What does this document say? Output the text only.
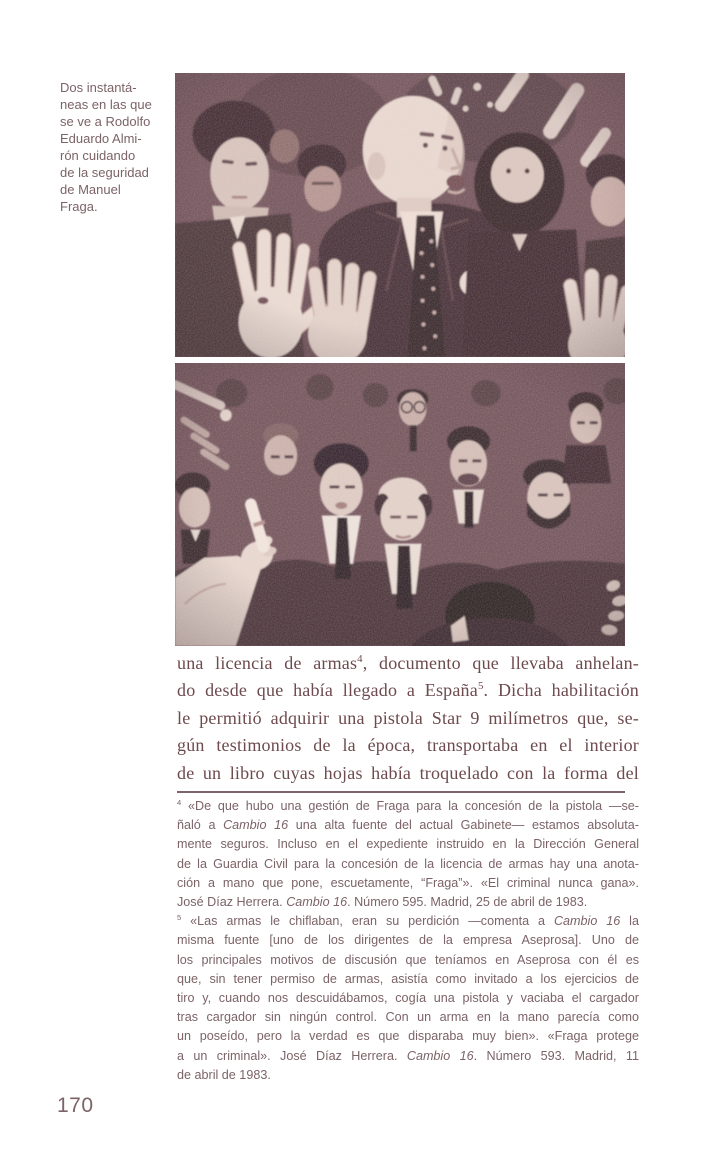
Dos instantá-
neas en las que
se ve a Rodolfo
Eduardo Almi-
rón cuidando
de la seguridad
de Manuel
Fraga.
una licencia de armas$^4$, documento que llevaba anhelan-
do desde que había llegado a España$^5$. Dicha habilitación
le permitió adquirir una pistola Star 9 milímetros que, se-
gún testimonios de la época, transportaba en el interior
de un libro cuyas hojas había troquelado con la forma del
$^4$ «De que hubo una gestión de Fraga para la concesión de la pistola —se-
ñaló a Cambio 16 una alta fuente del actual Gabinete— estamos absoluta-
mente seguros. Incluso en el expediente instruido en la Dirección General
de la Guardia Civil para la concesión de la licencia de armas hay una anota-
ción a mano que pone, escuetamente, “Fraga”». «El criminal nunca gana».
José Díaz Herrera. Cambio 16. Número 595. Madrid, 25 de abril de 1983.
$^5$ «Las armas le chiflaban, eran su perdición —comenta a Cambio 16 la
misma fuente [uno de los dirigentes de la empresa Aseprosa]. Uno de
los principales motivos de discusión que teníamos en Aseprosa con él es
que, sin tener permiso de armas, asistía como invitado a los ejercicios de
tiro y, cuando nos descuidábamos, cogía una pistola y vaciaba el cargador
tras cargador sin ningún control. Con un arma en la mano parecía como
un poseído, pero la verdad es que disparaba muy bien». «Fraga protege
a un criminal». José Díaz Herrera. Cambio 16. Número 593. Madrid, 11
de abril de 1983.
170
